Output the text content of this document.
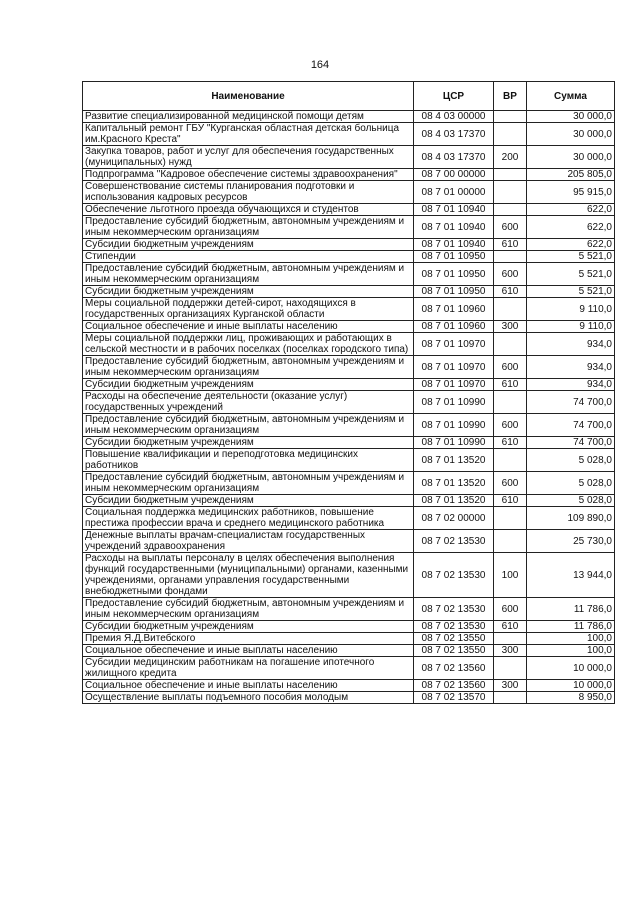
164
Наименование	ЦСР	ВР	Сумма
Развитие специализированной медицинской помощи детям	08 4 03 00000		30 000,0
Капитальный ремонт ГБУ "Курганская областная детская больница им.Красного Креста"	08 4 03 17370		30 000,0
Закупка товаров, работ и услуг для обеспечения государственных (муниципальных) нужд	08 4 03 17370	200	30 000,0
Подпрограмма "Кадровое обеспечение системы здравоохранения"	08 7 00 00000		205 805,0
Совершенствование системы планирования подготовки и использования кадровых ресурсов	08 7 01 00000		95 915,0
Обеспечение льготного проезда обучающихся и студентов	08 7 01 10940		622,0
Предоставление субсидий бюджетным, автономным учреждениям и иным некоммерческим организациям	08 7 01 10940	600	622,0
Субсидии бюджетным учреждениям	08 7 01 10940	610	622,0
Стипендии	08 7 01 10950		5 521,0
Предоставление субсидий бюджетным, автономным учреждениям и иным некоммерческим организациям	08 7 01 10950	600	5 521,0
Субсидии бюджетным учреждениям	08 7 01 10950	610	5 521,0
Меры социальной поддержки детей-сирот, находящихся в государственных организациях Курганской области	08 7 01 10960		9 110,0
Социальное обеспечение и иные выплаты населению	08 7 01 10960	300	9 110,0
Меры социальной поддержки лиц, проживающих и работающих в сельской местности и в рабочих поселках (поселках городского типа)	08 7 01 10970		934,0
Предоставление субсидий бюджетным, автономным учреждениям и иным некоммерческим организациям	08 7 01 10970	600	934,0
Субсидии бюджетным учреждениям	08 7 01 10970	610	934,0
Расходы на обеспечение деятельности (оказание услуг) государственных учреждений	08 7 01 10990		74 700,0
Предоставление субсидий бюджетным, автономным учреждениям и иным некоммерческим организациям	08 7 01 10990	600	74 700,0
Субсидии бюджетным учреждениям	08 7 01 10990	610	74 700,0
Повышение квалификации и переподготовка медицинских работников	08 7 01 13520		5 028,0
Предоставление субсидий бюджетным, автономным учреждениям и иным некоммерческим организациям	08 7 01 13520	600	5 028,0
Субсидии бюджетным учреждениям	08 7 01 13520	610	5 028,0
Социальная поддержка медицинских работников, повышение престижа профессии врача и среднего медицинского работника	08 7 02 00000		109 890,0
Денежные выплаты врачам-специалистам государственных учреждений здравоохранения	08 7 02 13530		25 730,0
Расходы на выплаты персоналу в целях обеспечения выполнения функций государственными (муниципальными) органами, казенными учреждениями, органами управления государственными внебюджетными фондами	08 7 02 13530	100	13 944,0
Предоставление субсидий бюджетным, автономным учреждениям и иным некоммерческим организациям	08 7 02 13530	600	11 786,0
Субсидии бюджетным учреждениям	08 7 02 13530	610	11 786,0
Премия Я.Д.Витебского	08 7 02 13550		100,0
Социальное обеспечение и иные выплаты населению	08 7 02 13550	300	100,0
Субсидии медицинским работникам на погашение ипотечного жилищного кредита	08 7 02 13560		10 000,0
Социальное обеспечение и иные выплаты населению	08 7 02 13560	300	10 000,0
Осуществление выплаты подъемного пособия молодым	08 7 02 13570		8 950,0
